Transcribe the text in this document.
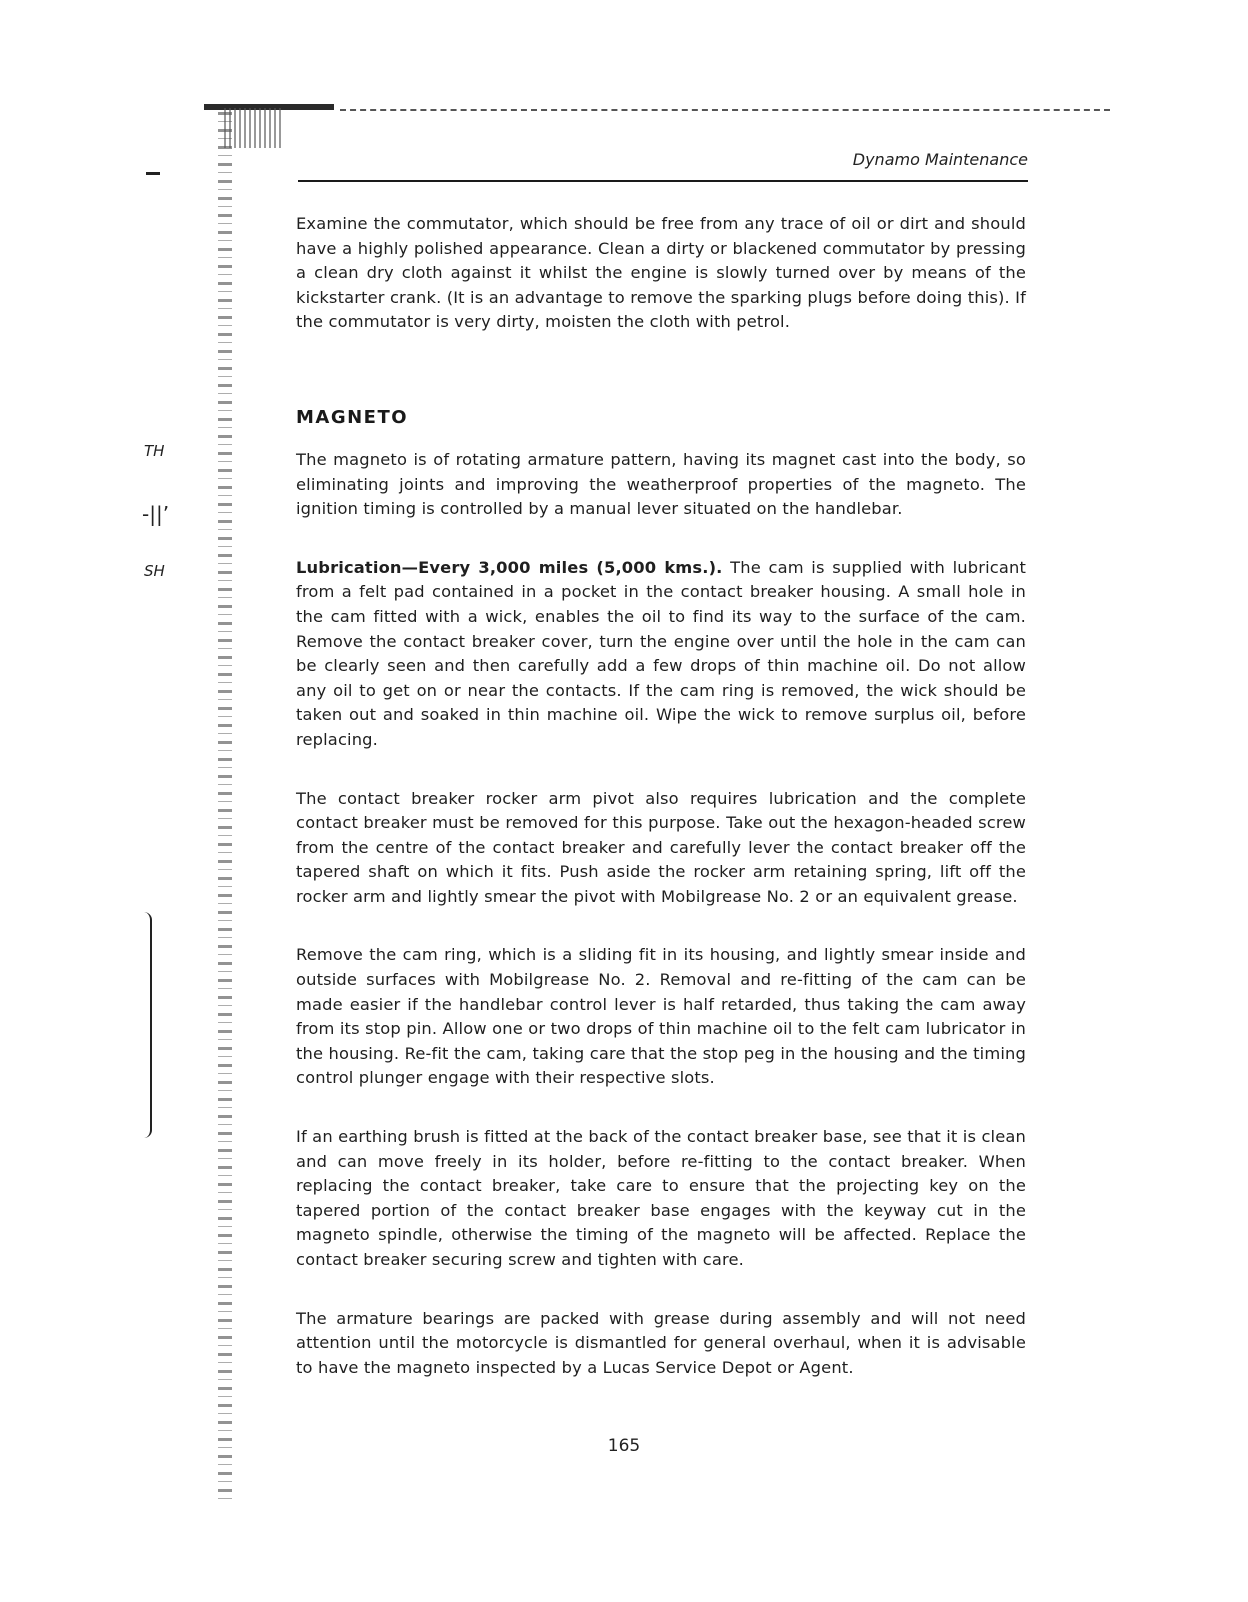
TH
-||’
SH
Dynamo Maintenance

Examine the commutator, which should be free from any trace of oil or dirt and should have a highly polished appearance. Clean a dirty or blackened commutator by pressing a clean dry cloth against it whilst the engine is slowly turned over by means of the kickstarter crank. (It is an advantage to remove the sparking plugs before doing this). If the commutator is very dirty, moisten the cloth with petrol.

MAGNETO

The magneto is of rotating armature pattern, having its magnet cast into the body, so eliminating joints and improving the weatherproof properties of the magneto. The ignition timing is controlled by a manual lever situated on the handlebar.

Lubrication—Every 3,000 miles (5,000 kms.). The cam is supplied with lubricant from a felt pad contained in a pocket in the contact breaker housing. A small hole in the cam fitted with a wick, enables the oil to find its way to the surface of the cam. Remove the contact breaker cover, turn the engine over until the hole in the cam can be clearly seen and then carefully add a few drops of thin machine oil. Do not allow any oil to get on or near the contacts. If the cam ring is removed, the wick should be taken out and soaked in thin machine oil. Wipe the wick to remove surplus oil, before replacing.

The contact breaker rocker arm pivot also requires lubrication and the complete contact breaker must be removed for this purpose. Take out the hexagon-headed screw from the centre of the contact breaker and carefully lever the contact breaker off the tapered shaft on which it fits. Push aside the rocker arm retaining spring, lift off the rocker arm and lightly smear the pivot with Mobilgrease No. 2 or an equivalent grease.

Remove the cam ring, which is a sliding fit in its housing, and lightly smear inside and outside surfaces with Mobilgrease No. 2. Removal and re-fitting of the cam can be made easier if the handlebar control lever is half retarded, thus taking the cam away from its stop pin. Allow one or two drops of thin machine oil to the felt cam lubricator in the housing. Re-fit the cam, taking care that the stop peg in the housing and the timing control plunger engage with their respective slots.

If an earthing brush is fitted at the back of the contact breaker base, see that it is clean and can move freely in its holder, before re-fitting to the contact breaker. When replacing the contact breaker, take care to ensure that the projecting key on the tapered portion of the contact breaker base engages with the keyway cut in the magneto spindle, otherwise the timing of the magneto will be affected. Replace the contact breaker securing screw and tighten with care.

The armature bearings are packed with grease during assembly and will not need attention until the motorcycle is dismantled for general overhaul, when it is advisable to have the magneto inspected by a Lucas Service Depot or Agent.

165
